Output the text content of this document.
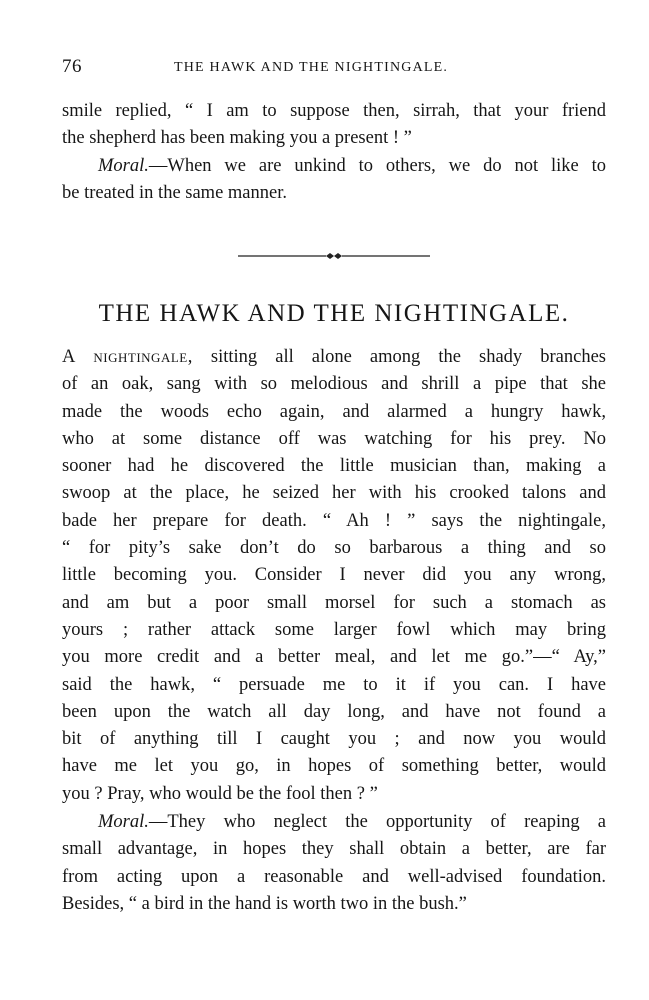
76	THE HAWK AND THE NIGHTINGALE.
smile replied, “ I am to suppose then, sirrah, that your friend
the shepherd has been making you a present ! ”
Moral.—When we are unkind to others, we do not like to
be treated in the same manner.
THE HAWK AND THE NIGHTINGALE.
A nightingale, sitting all alone among the shady branches
of an oak, sang with so melodious and shrill a pipe that she
made the woods echo again, and alarmed a hungry hawk,
who at some distance off was watching for his prey. No
sooner had he discovered the little musician than, making a
swoop at the place, he seized her with his crooked talons and
bade her prepare for death. “ Ah ! ” says the nightingale,
“ for pity’s sake don’t do so barbarous a thing and so
little becoming you. Consider I never did you any wrong,
and am but a poor small morsel for such a stomach as
yours ; rather attack some larger fowl which may bring
you more credit and a better meal, and let me go.”—“ Ay,”
said the hawk, “ persuade me to it if you can. I have
been upon the watch all day long, and have not found a
bit of anything till I caught you ; and now you would
have me let you go, in hopes of something better, would
you ? Pray, who would be the fool then ? ”
Moral.—They who neglect the opportunity of reaping a
small advantage, in hopes they shall obtain a better, are far
from acting upon a reasonable and well-advised foundation.
Besides, “ a bird in the hand is worth two in the bush.”
